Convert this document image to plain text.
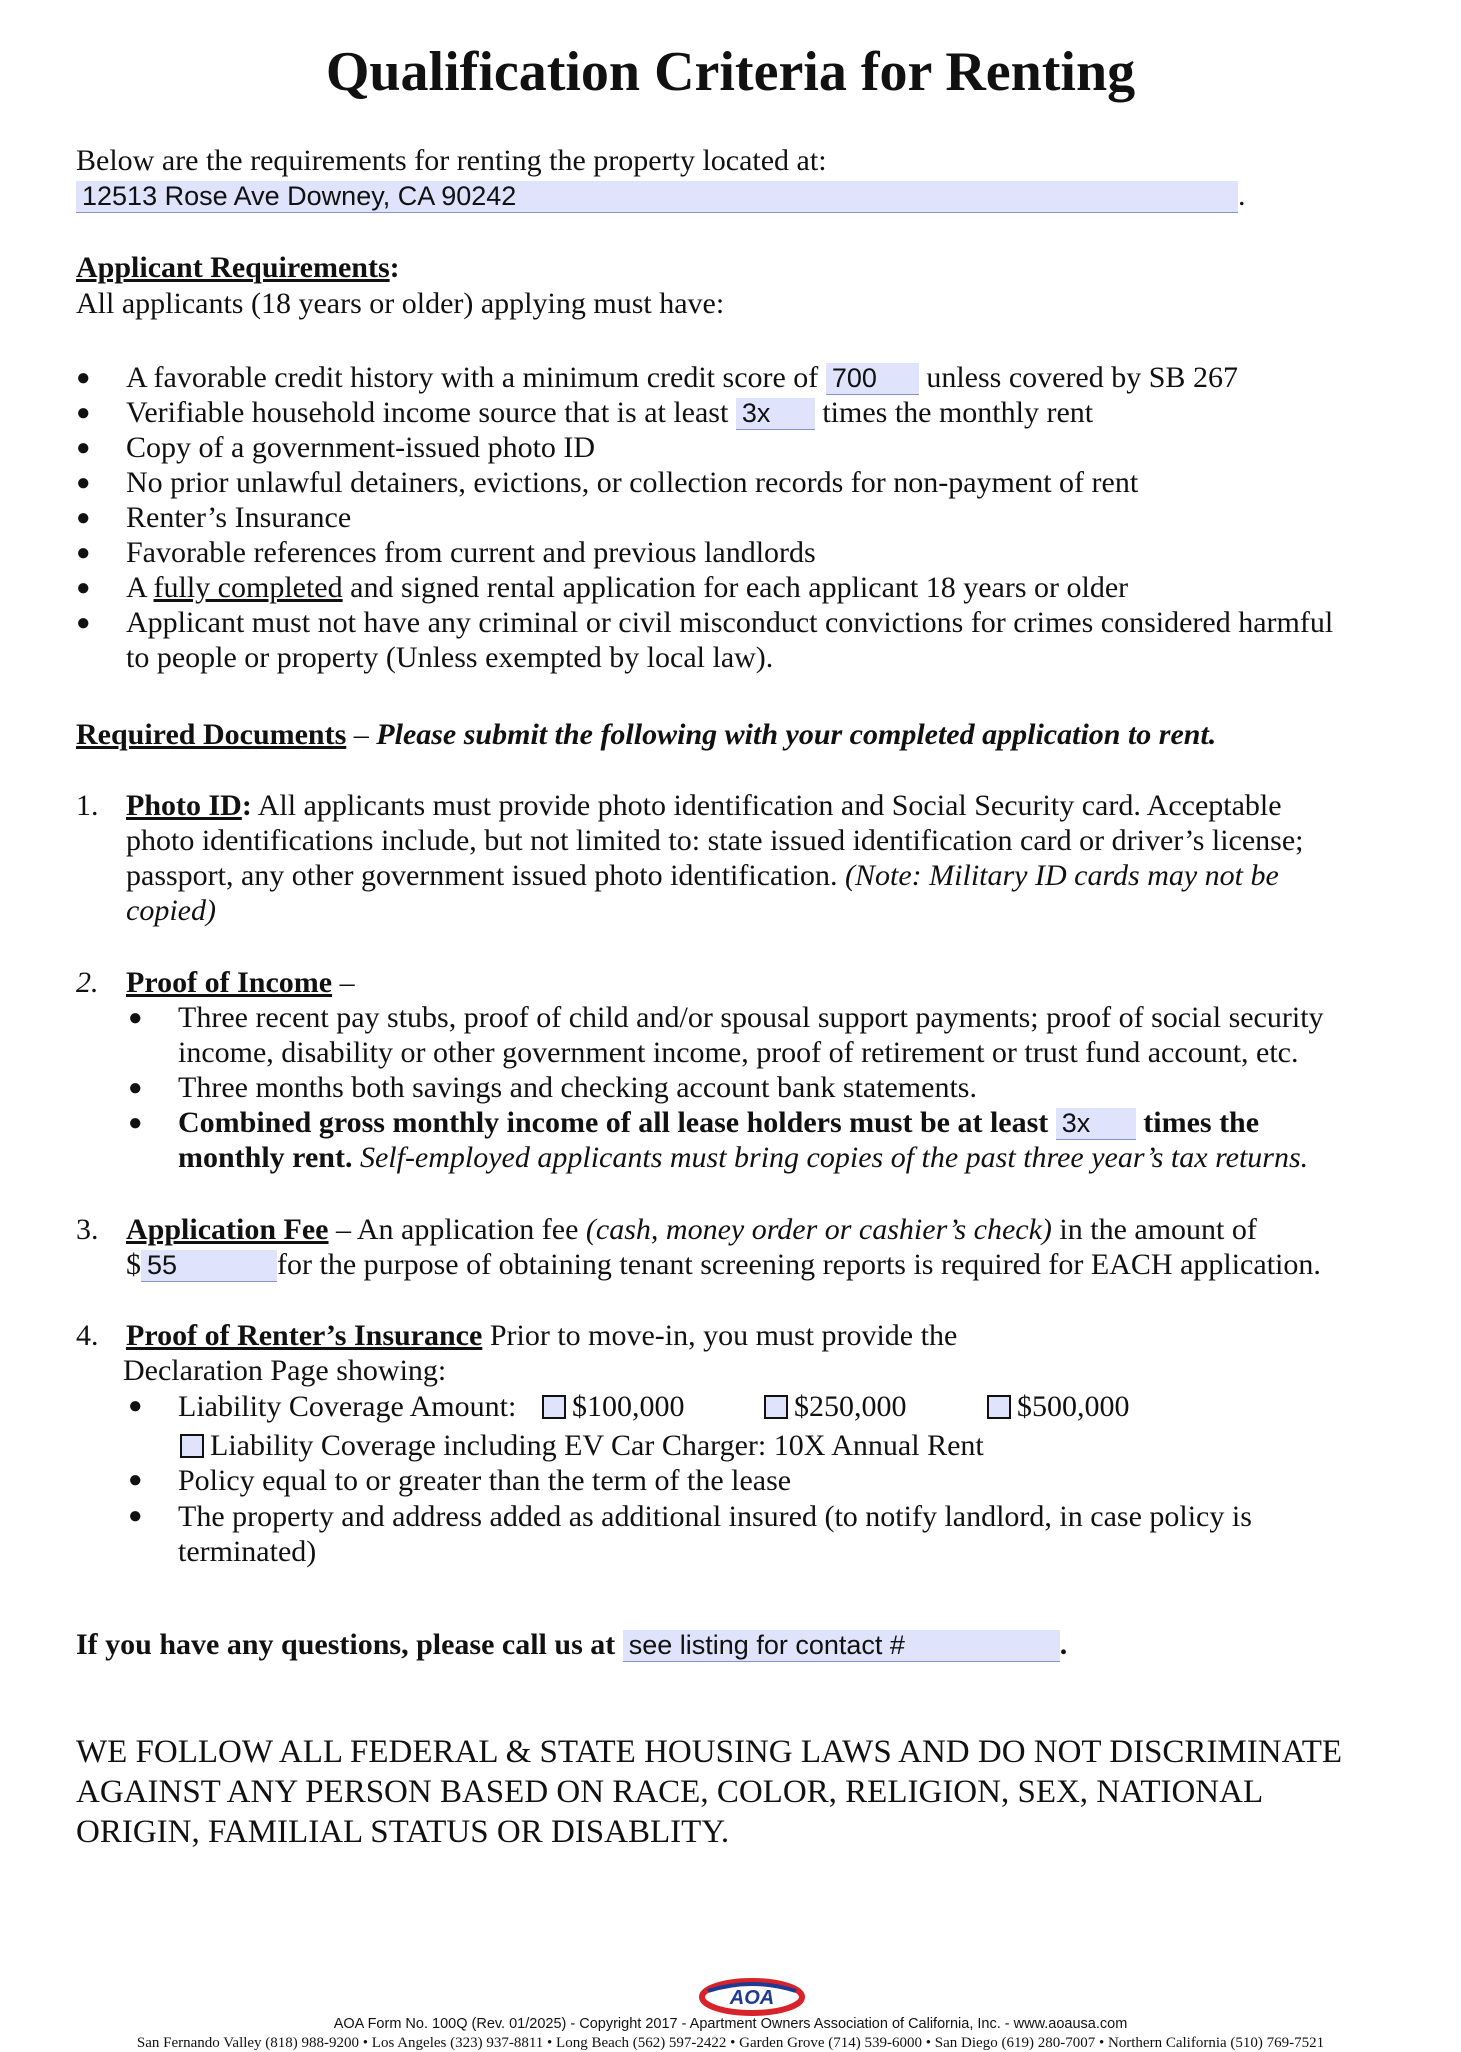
Qualification Criteria for Renting
Below are the requirements for renting the property located at:
12513 Rose Ave Downey, CA 90242	.
Applicant Requirements:
All applicants (18 years or older) applying must have:
● A favorable credit history with a minimum credit score of 700 unless covered by SB 267
● Verifiable household income source that is at least 3x times the monthly rent
● Copy of a government-issued photo ID
● No prior unlawful detainers, evictions, or collection records for non-payment of rent
● Renter’s Insurance
● Favorable references from current and previous landlords
● A fully completed and signed rental application for each applicant 18 years or older
● Applicant must not have any criminal or civil misconduct convictions for crimes considered harmful
to people or property (Unless exempted by local law).
Required Documents – Please submit the following with your completed application to rent.
1. Photo ID: All applicants must provide photo identification and Social Security card. Acceptable
photo identifications include, but not limited to: state issued identification card or driver’s license;
passport, any other government issued photo identification. (Note: Military ID cards may not be
copied)
2. Proof of Income –
● Three recent pay stubs, proof of child and/or spousal support payments; proof of social security
income, disability or other government income, proof of retirement or trust fund account, etc.
● Three months both savings and checking account bank statements.
● Combined gross monthly income of all lease holders must be at least 3x times the
monthly rent. Self-employed applicants must bring copies of the past three year’s tax returns.
3. Application Fee – An application fee (cash, money order or cashier’s check) in the amount of
$ 55	for the purpose of obtaining tenant screening reports is required for EACH application.
4. Proof of Renter’s Insurance Prior to move-in, you must provide the
Declaration Page showing:
● Liability Coverage Amount:	$100,000	$250,000	$500,000
Liability Coverage including EV Car Charger: 10X Annual Rent
● Policy equal to or greater than the term of the lease
● The property and address added as additional insured (to notify landlord, in case policy is
terminated)
If you have any questions, please call us at see listing for contact #	.
WE FOLLOW ALL FEDERAL & STATE HOUSING LAWS AND DO NOT DISCRIMINATE
AGAINST ANY PERSON BASED ON RACE, COLOR, RELIGION, SEX, NATIONAL
ORIGIN, FAMILIAL STATUS OR DISABLITY.
AOA
AOA Form No. 100Q (Rev. 01/2025) - Copyright 2017 - Apartment Owners Association of California, Inc. - www.aoausa.com
San Fernando Valley (818) 988-9200 • Los Angeles (323) 937-8811 • Long Beach (562) 597-2422 • Garden Grove (714) 539-6000 • San Diego (619) 280-7007 • Northern California (510) 769-7521
